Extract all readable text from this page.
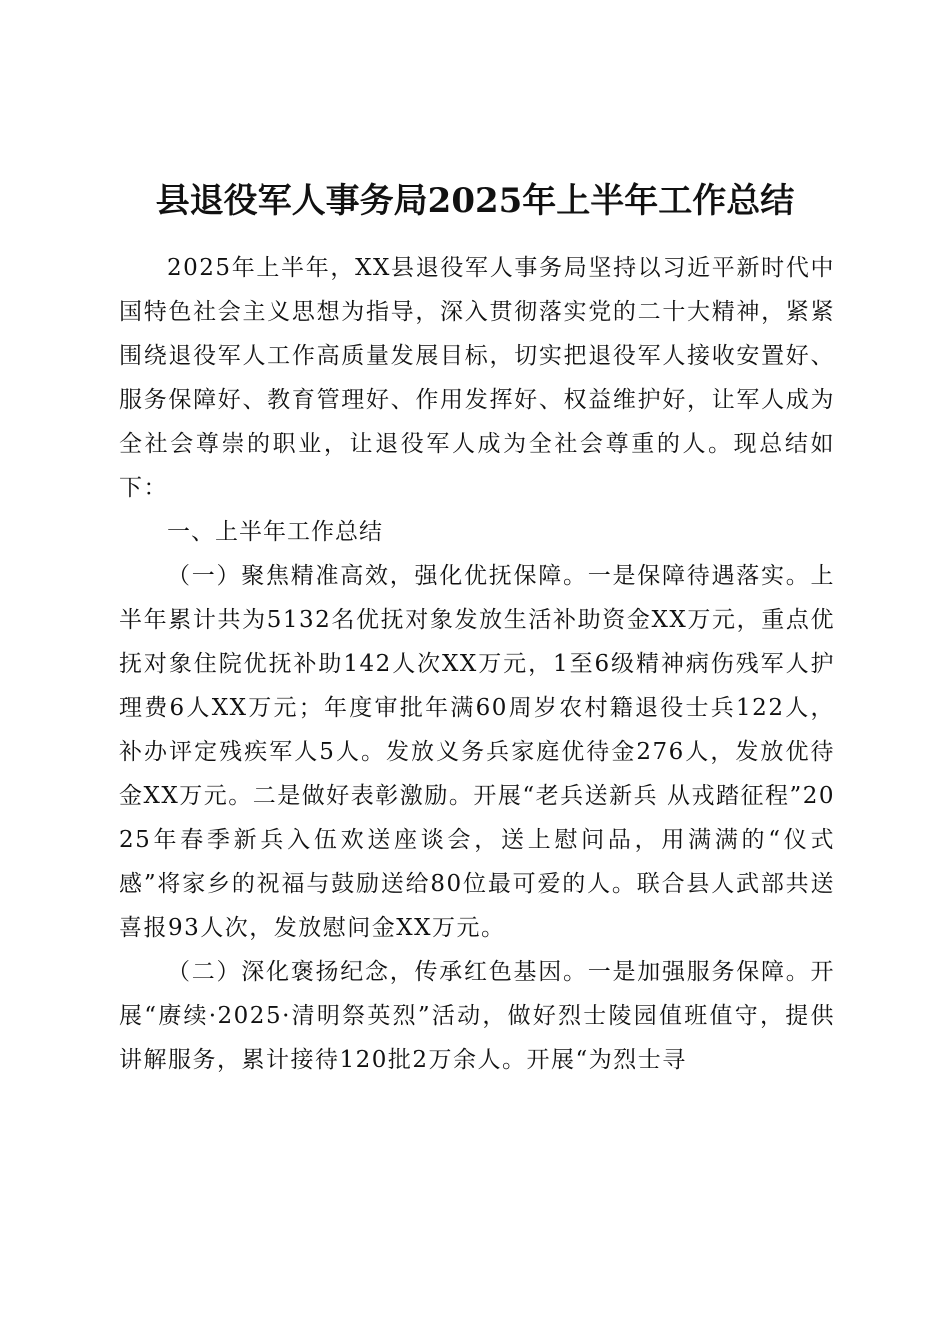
县退役军人事务局2025年上半年工作总结

2025年上半年，XX县退役军人事务局坚持以习近平新时代中国特色社会主义思想为指导，深入贯彻落实党的二十大精神，紧紧围绕退役军人工作高质量发展目标，切实把退役军人接收安置好、服务保障好、教育管理好、作用发挥好、权益维护好，让军人成为全社会尊崇的职业，让退役军人成为全社会尊重的人。现总结如下：

一、上半年工作总结

（一）聚焦精准高效，强化优抚保障。一是保障待遇落实。上半年累计共为5132名优抚对象发放生活补助资金XX万元，重点优抚对象住院优抚补助142人次XX万元，1至6级精神病伤残军人护理费6人XX万元；年度审批年满60周岁农村籍退役士兵122人，补办评定残疾军人5人。发放义务兵家庭优待金276人，发放优待金XX万元。二是做好表彰激励。开展“老兵送新兵 从戎踏征程”2025年春季新兵入伍欢送座谈会，送上慰问品，用满满的“仪式感”将家乡的祝福与鼓励送给80位最可爱的人。联合县人武部共送喜报93人次，发放慰问金XX万元。

（二）深化褒扬纪念，传承红色基因。一是加强服务保障。开展“赓续·2025·清明祭英烈”活动，做好烈士陵园值班值守，提供讲解服务，累计接待120批2万余人。开展“为烈士寻
